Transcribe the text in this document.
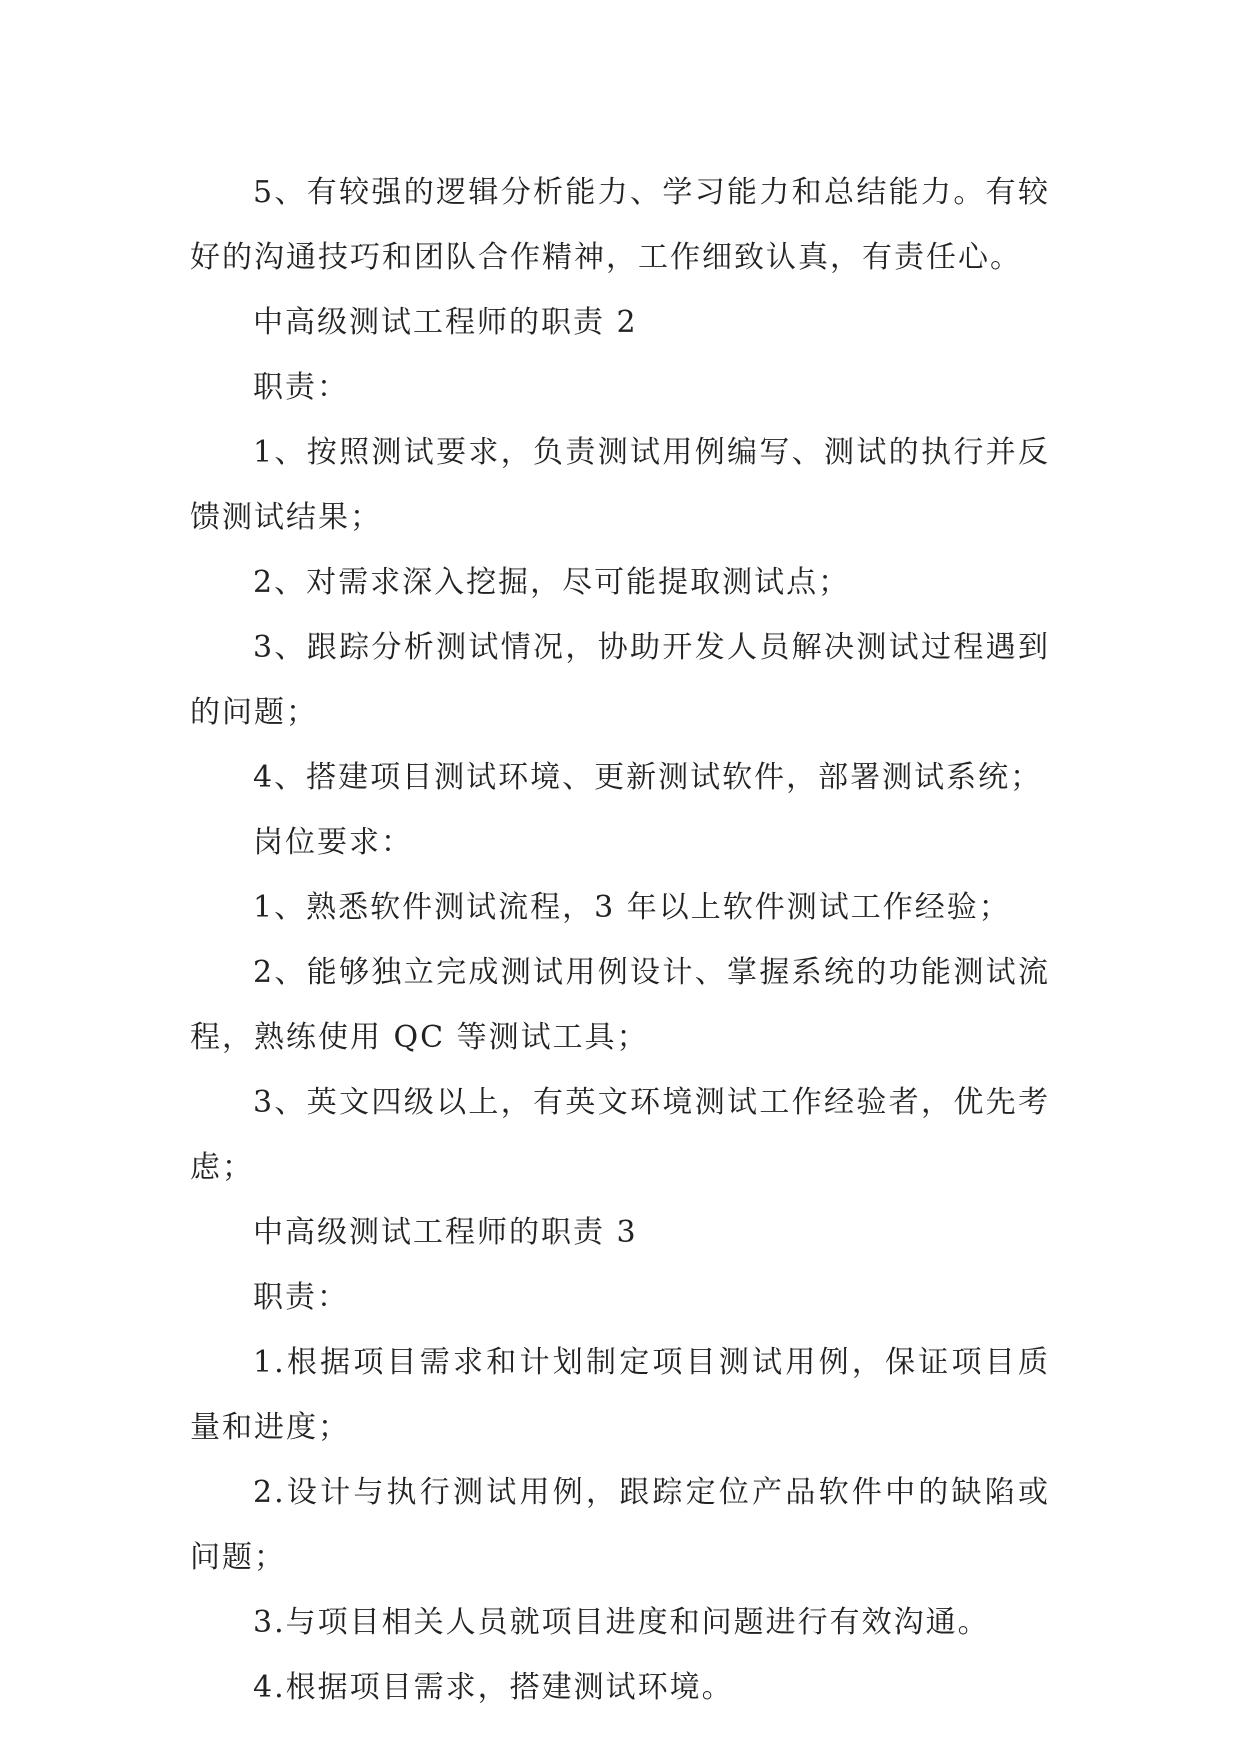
5、有较强的逻辑分析能力、学习能力和总结能力。有较好的沟通技巧和团队合作精神，工作细致认真，有责任心。

中高级测试工程师的职责 2

职责：

1、按照测试要求，负责测试用例编写、测试的执行并反馈测试结果；

2、对需求深入挖掘，尽可能提取测试点；

3、跟踪分析测试情况，协助开发人员解决测试过程遇到的问题；

4、搭建项目测试环境、更新测试软件，部署测试系统；

岗位要求：

1、熟悉软件测试流程，3 年以上软件测试工作经验；

2、能够独立完成测试用例设计、掌握系统的功能测试流程，熟练使用 QC 等测试工具；

3、英文四级以上，有英文环境测试工作经验者，优先考虑；

中高级测试工程师的职责 3

职责：

1.根据项目需求和计划制定项目测试用例，保证项目质量和进度；

2.设计与执行测试用例，跟踪定位产品软件中的缺陷或问题；

3.与项目相关人员就项目进度和问题进行有效沟通。

4.根据项目需求，搭建测试环境。
